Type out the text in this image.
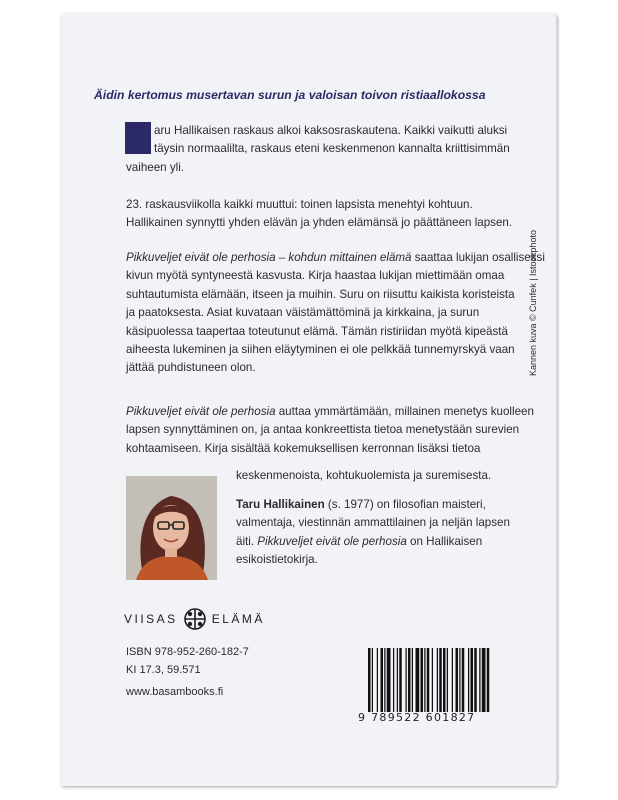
Äidin kertomus musertavan surun ja valoisan toivon ristiaallokossa
T
aru Hallikaisen raskaus alkoi kaksosraskautena. Kaikki vaikutti aluksi
täysin normaalilta, raskaus eteni keskenmenon kannalta kriittisimmän
vaiheen yli.
23. raskausviikolla kaikki muuttui: toinen lapsista menehtyi kohtuun.
Hallikainen synnytti yhden elävän ja yhden elämänsä jo päättäneen lapsen.
Pikkuveljet eivät ole perhosia – kohdun mittainen elämä saattaa lukijan osalliseksi
kivun myötä syntyneestä kasvusta. Kirja haastaa lukijan miettimään omaa
suhtautumista elämään, itseen ja muihin. Suru on riisuttu kaikista koristeista
ja paatoksesta. Asiat kuvataan väistämättöminä ja kirkkaina, ja surun
käsipuolessa taapertaa toteutunut elämä. Tämän ristiriidan myötä kipeästä
aiheesta lukeminen ja siihen eläytyminen ei ole pelkkää tunnemyrskyä vaan
jättää puhdistuneen olon.
Pikkuveljet eivät ole perhosia auttaa ymmärtämään, millainen menetys kuolleen
lapsen synnyttäminen on, ja antaa konkreettista tietoa menetystään surevien
kohtaamiseen. Kirja sisältää kokemuksellisen kerronnan lisäksi tietoa
keskenmenoista, kohtukuolemista ja suremisesta.
Taru Hallikainen (s. 1977) on filosofian maisteri,
valmentaja, viestinnän ammattilainen ja neljän lapsen
äiti. Pikkuveljet eivät ole perhosia on Hallikaisen
esikoistietokirja.
VIISAS	ELÄMÄ
ISBN 978-952-260-182-7
KI 17.3, 59.571
www.basambooks.fi
9 789522 601827
Kannen kuva © Cunfek | Istockphoto
